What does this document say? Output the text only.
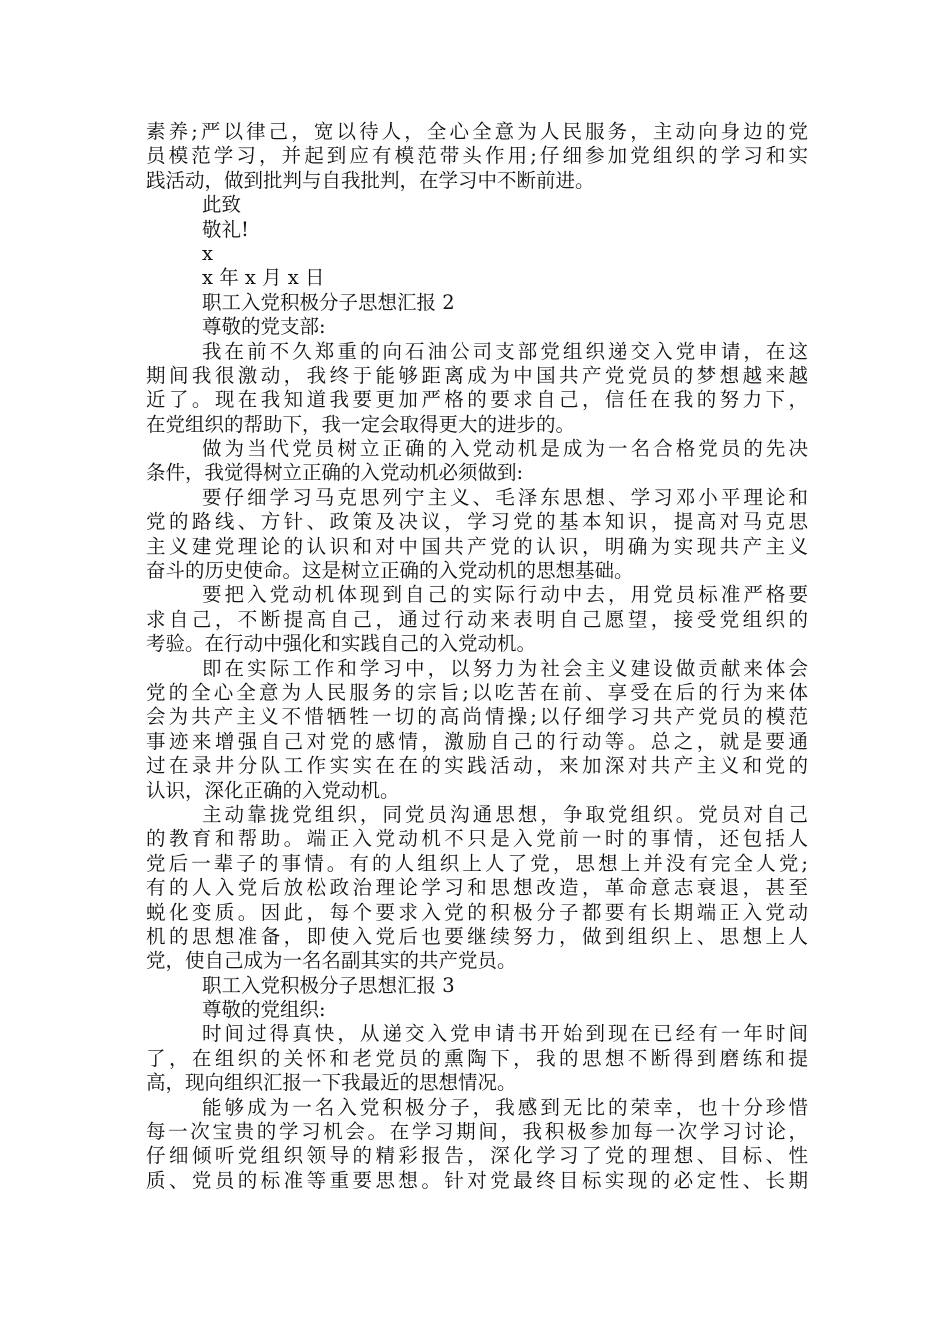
素养;严以律己，宽以待人，全心全意为人民服务，主动向身边的党
员模范学习，并起到应有模范带头作用;仔细参加党组织的学习和实
践活动，做到批判与自我批判，在学习中不断前进。
此致
敬礼!
x
x 年 x 月 x 日
职工入党积极分子思想汇报 2
尊敬的党支部:
我在前不久郑重的向石油公司支部党组织递交入党申请，在这
期间我很激动，我终于能够距离成为中国共产党党员的梦想越来越
近了。现在我知道我要更加严格的要求自己，信任在我的努力下，
在党组织的帮助下，我一定会取得更大的进步的。
做为当代党员树立正确的入党动机是成为一名合格党员的先决
条件，我觉得树立正确的入党动机必须做到:
要仔细学习马克思列宁主义、毛泽东思想、学习邓小平理论和
党的路线、方针、政策及决议，学习党的基本知识，提高对马克思
主义建党理论的认识和对中国共产党的认识，明确为实现共产主义
奋斗的历史使命。这是树立正确的入党动机的思想基础。
要把入党动机体现到自己的实际行动中去，用党员标准严格要
求自己，不断提高自己，通过行动来表明自己愿望，接受党组织的
考验。在行动中强化和实践自己的入党动机。
即在实际工作和学习中，以努力为社会主义建设做贡献来体会
党的全心全意为人民服务的宗旨;以吃苦在前、享受在后的行为来体
会为共产主义不惜牺牲一切的高尚情操;以仔细学习共产党员的模范
事迹来增强自己对党的感情，激励自己的行动等。总之，就是要通
过在录井分队工作实实在在的实践活动，来加深对共产主义和党的
认识，深化正确的入党动机。
主动靠拢党组织，同党员沟通思想，争取党组织。党员对自己
的教育和帮助。端正入党动机不只是入党前一时的事情，还包括人
党后一辈子的事情。有的人组织上人了党，思想上并没有完全人党;
有的人入党后放松政治理论学习和思想改造，革命意志衰退，甚至
蜕化变质。因此，每个要求入党的积极分子都要有长期端正入党动
机的思想准备，即使入党后也要继续努力，做到组织上、思想上人
党，使自己成为一名名副其实的共产党员。
职工入党积极分子思想汇报 3
尊敬的党组织:
时间过得真快，从递交入党申请书开始到现在已经有一年时间
了，在组织的关怀和老党员的熏陶下，我的思想不断得到磨练和提
高，现向组织汇报一下我最近的思想情况。
能够成为一名入党积极分子，我感到无比的荣幸，也十分珍惜
每一次宝贵的学习机会。在学习期间，我积极参加每一次学习讨论，
仔细倾听党组织领导的精彩报告，深化学习了党的理想、目标、性
质、党员的标准等重要思想。针对党最终目标实现的必定性、长期
